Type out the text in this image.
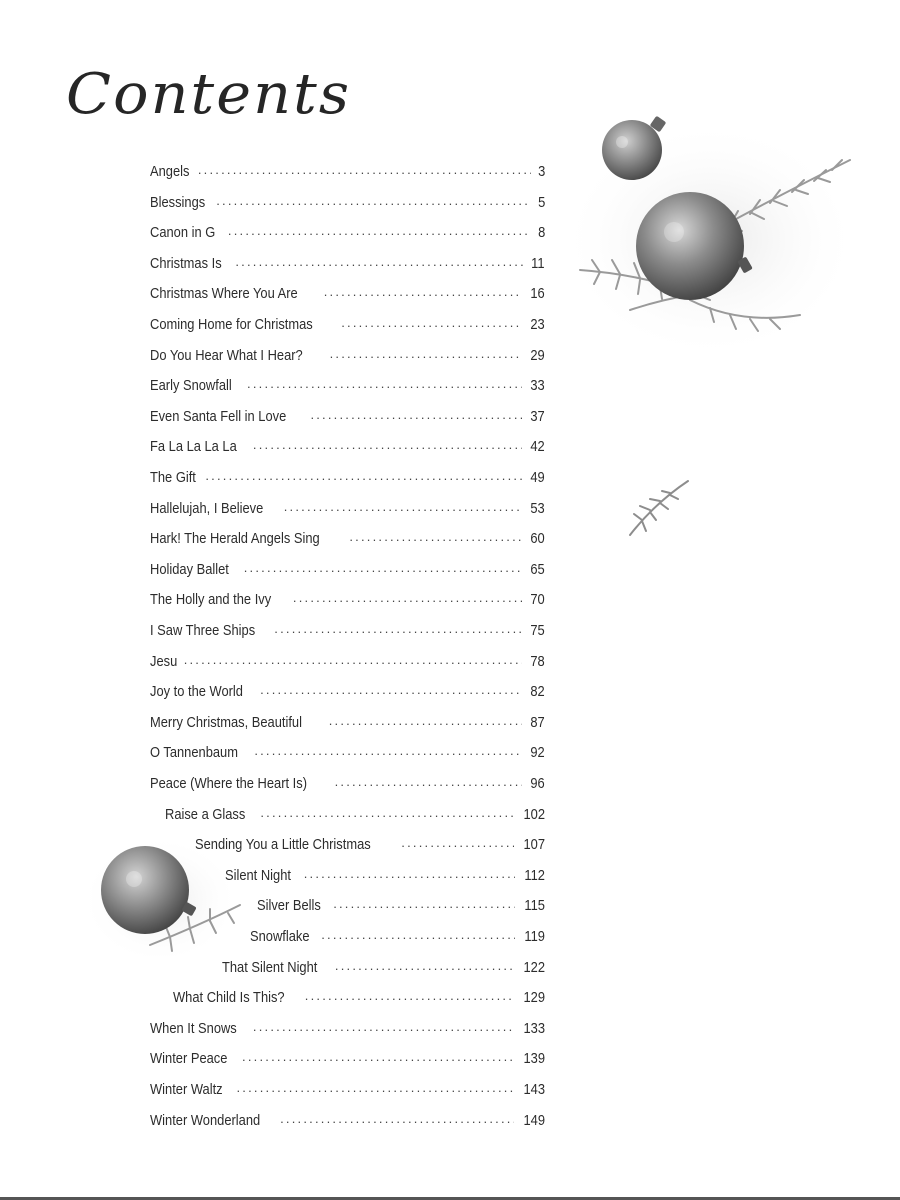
Contents
Angels .....	3
Blessings .....	5
Canon in G .....	8
Christmas Is .....	11
Christmas Where You Are .....	16
Coming Home for Christmas .....	23
Do You Hear What I Hear? .....	29
Early Snowfall .....	33
Even Santa Fell in Love .....	37
Fa La La La La .....	42
The Gift .....	49
Hallelujah, I Believe .....	53
Hark! The Herald Angels Sing .....	60
Holiday Ballet .....	65
The Holly and the Ivy .....	70
I Saw Three Ships .....	75
Jesu .....	78
Joy to the World .....	82
Merry Christmas, Beautiful .....	87
O Tannenbaum .....	92
Peace (Where the Heart Is) .....	96
Raise a Glass .....	102
Sending You a Little Christmas .....	107
Silent Night .....	112
Silver Bells .....	115
Snowflake .....	119
That Silent Night .....	122
What Child Is This? .....	129
When It Snows .....	133
Winter Peace .....	139
Winter Waltz .....	143
Winter Wonderland .....	149
